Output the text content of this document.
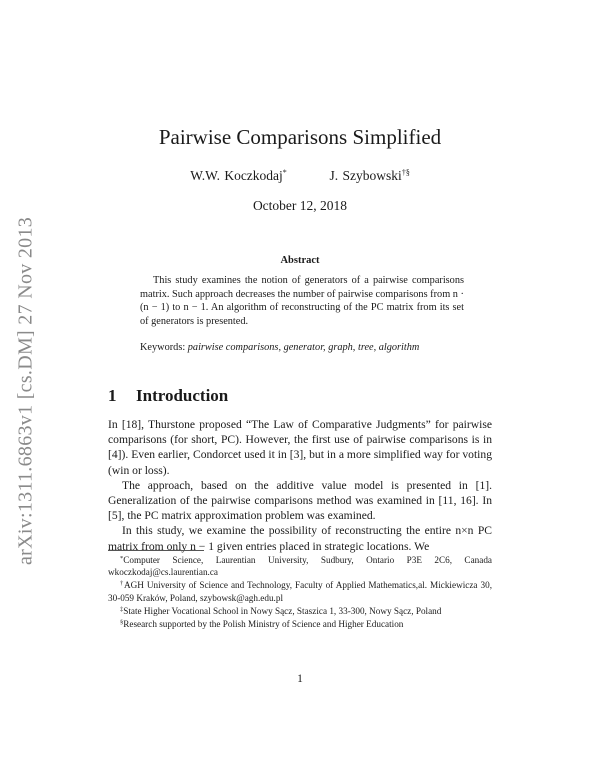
arXiv:1311.6863v1 [cs.DM] 27 Nov 2013
Pairwise Comparisons Simplified
W.W. Koczkodaj*	J. Szybowski†§
October 12, 2018
Abstract
This study examines the notion of generators of a pairwise comparisons matrix. Such approach decreases the number of pairwise comparisons from n · (n − 1) to n − 1. An algorithm of reconstructing of the PC matrix from its set of generators is presented.
Keywords: pairwise comparisons, generator, graph, tree, algorithm
1 Introduction

In [18], Thurstone proposed “The Law of Comparative Judgments” for pairwise comparisons (for short, PC). However, the first use of pairwise comparisons is in [4]). Even earlier, Condorcet used it in [3], but in a more simplified way for voting (win or loss).

The approach, based on the additive value model is presented in [1]. Generalization of the pairwise comparisons method was examined in [11, 16]. In [5], the PC matrix approximation problem was examined.

In this study, we examine the possibility of reconstructing the entire n×n PC matrix from only n − 1 given entries placed in strategic locations. We

*Computer Science, Laurentian University, Sudbury, Ontario P3E 2C6, Canada wkoczkodaj@cs.laurentian.ca
†AGH University of Science and Technology, Faculty of Applied Mathematics,al. Mickiewicza 30, 30-059 Kraków, Poland, szybowsk@agh.edu.pl
‡State Higher Vocational School in Nowy Sącz, Staszica 1, 33-300, Nowy Sącz, Poland
§Research supported by the Polish Ministry of Science and Higher Education
1
